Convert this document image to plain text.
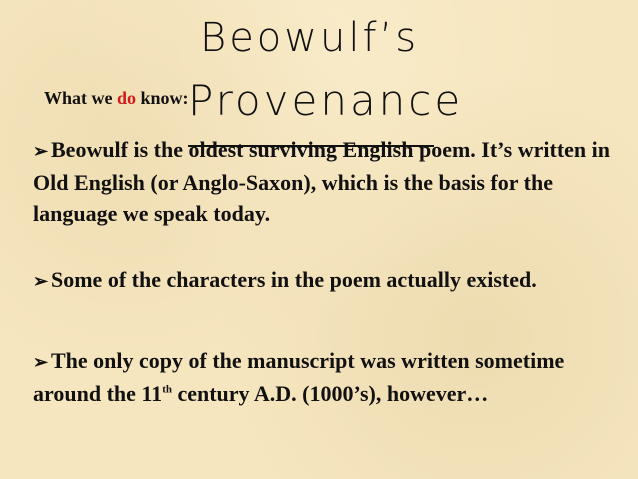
Beowulf’s
Provenance
What we do know:
➢ Beowulf is the oldest surviving English poem. It’s written in Old English (or Anglo-Saxon), which is the basis for the language we speak today.
➢ Some of the characters in the poem actually existed.
➢ The only copy of the manuscript was written sometime around the 11th century A.D. (1000’s), however…
